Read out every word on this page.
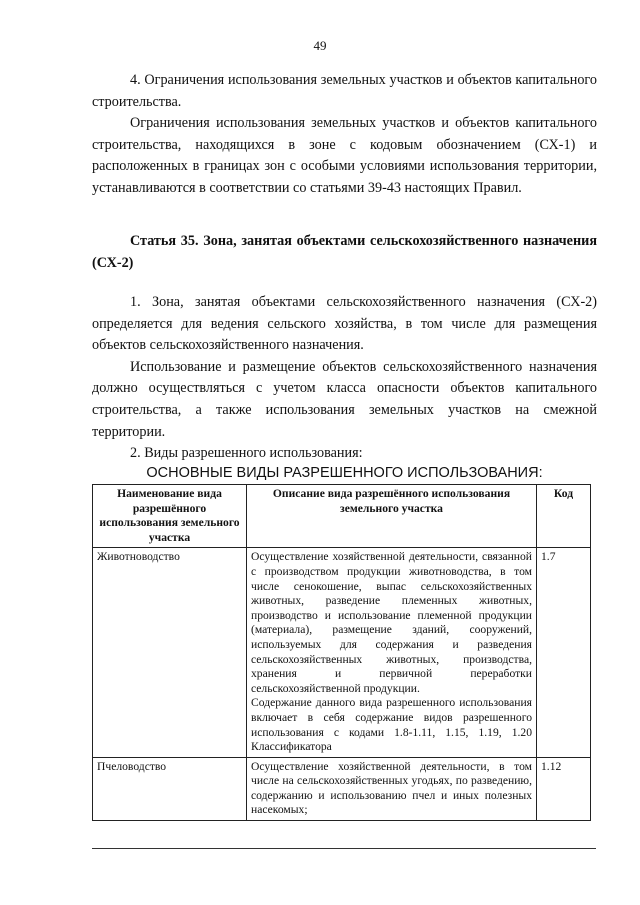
49

4. Ограничения использования земельных участков и объектов капитального строительства.

Ограничения использования земельных участков и объектов капитального строительства, находящихся в зоне с кодовым обозначением (СХ-1) и расположенных в границах зон с особыми условиями использования территории, устанавливаются в соответствии со статьями 39-43 настоящих Правил.

Статья 35. Зона, занятая объектами сельскохозяйственного назначения (СХ-2)

1. Зона, занятая объектами сельскохозяйственного назначения (СХ-2) определяется для ведения сельского хозяйства, в том числе для размещения объектов сельскохозяйственного назначения.

Использование и размещение объектов сельскохозяйственного назначения должно осуществляться с учетом класса опасности объектов капитального строительства, а также использования земельных участков на смежной территории.

2. Виды разрешенного использования:

ОСНОВНЫЕ ВИДЫ РАЗРЕШЕННОГО ИСПОЛЬЗОВАНИЯ:
Наименование вида разрешённого использования земельного участка	Описание вида разрешённого использования земельного участка	Код
Животноводство	Осуществление хозяйственной деятельности, связанной с производством продукции животноводства, в том числе сенокошение, выпас сельскохозяйственных животных, разведение племенных животных, производство и использование племенной продукции (материала), размещение зданий, сооружений, используемых для содержания и разведения сельскохозяйственных животных, производства, хранения и первичной переработки сельскохозяйственной продукции.

Содержание данного вида разрешенного использования включает в себя содержание видов разрешенного использования с кодами 1.8-1.11, 1.15, 1.19, 1.20 Классификатора	1.7
Пчеловодство	Осуществление хозяйственной деятельности, в том числе на сельскохозяйственных угодьях, по разведению, содержанию и использованию пчел и иных полезных насекомых;	1.12
